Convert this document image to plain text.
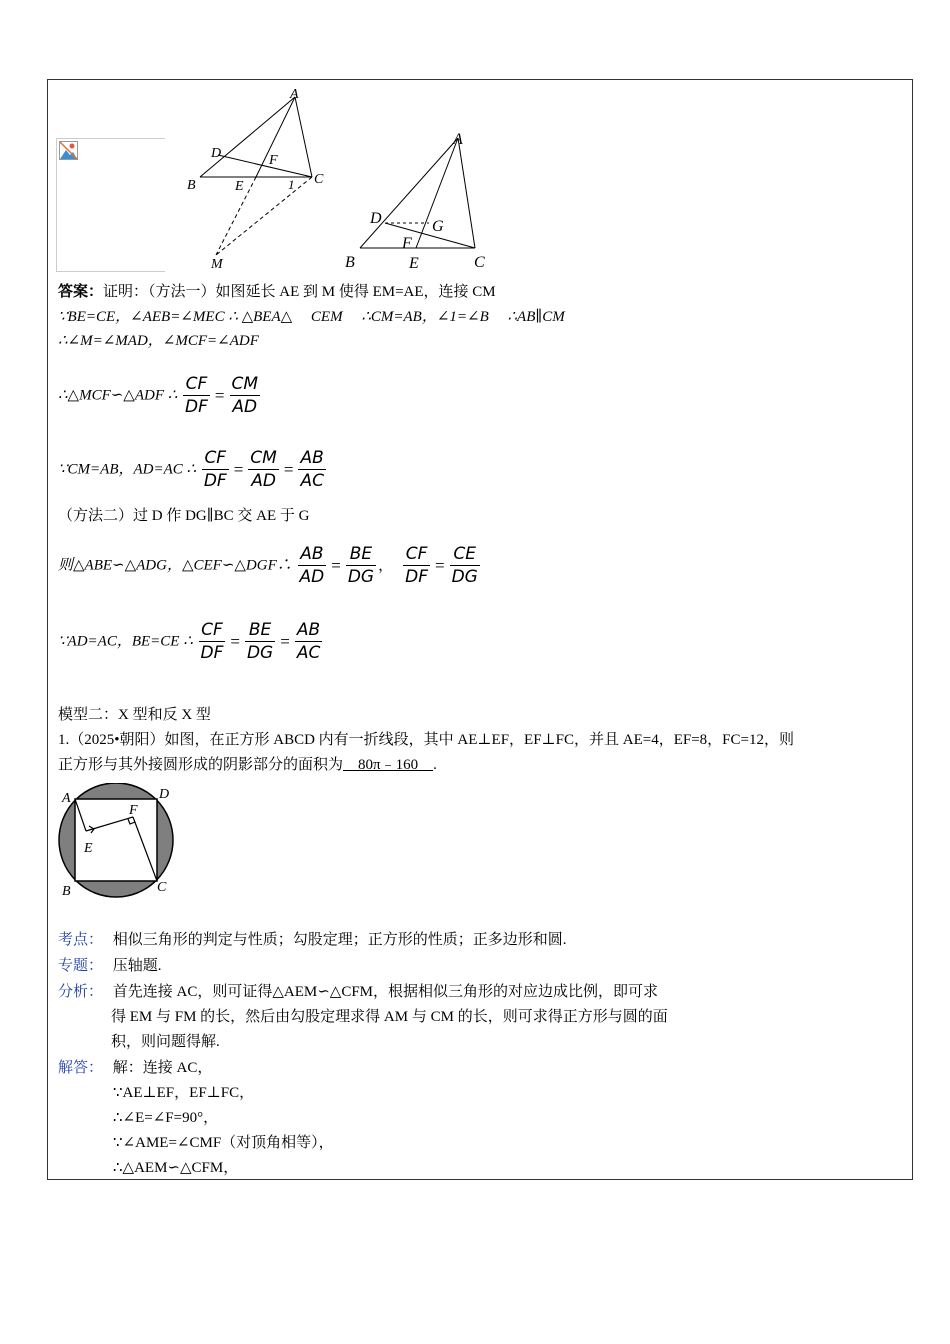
A
D	F
B	E	1 C
M
A
D	G
F
B	E	C
答案：证明：（方法一）如图延长 AE 到 M 使得 EM=AE，连接 CM
∵BE=CE，∠AEB=∠MEC ∴ △BEA△　 CEM　 ∴CM=AB，∠1=∠B　 ∴AB∥CM
∴∠M=∠MAD，∠MCF=∠ADF
∴△MCF∽△ADF ∴ $\frac{CF}{DF} = \frac{CM}{AD}$
∵CM=AB，AD=AC ∴ $\frac{CF}{DF} = \frac{CM}{AD} = \frac{AB}{AC}$
（方法二）过 D 作 DG∥BC 交 AE 于 G
则△ABE∽△ADG，△CEF∽△DGF∴ $\frac{AB}{AD} = \frac{BE}{DG}$ ， $\frac{CF}{DF} = \frac{CE}{DG}$
∵AD=AC，BE=CE ∴ $\frac{CF}{DF} = \frac{BE}{DG} = \frac{AB}{AC}$
模型二：X 型和反 X 型
1.（2025•朝阳）如图，在正方形 ABCD 内有一折线段，其中 AE⊥EF，EF⊥FC，并且 AE=4，EF=8，FC=12，则
正方形与其外接圆形成的阴影部分的面积为　80π﹣160　.
A	D
F
E
B	C
考点： 相似三角形的判定与性质；勾股定理；正方形的性质；正多边形和圆.
专题： 压轴题.
分析： 首先连接 AC，则可证得△AEM∽△CFM，根据相似三角形的对应边成比例，即可求
得 EM 与 FM 的长，然后由勾股定理求得 AM 与 CM 的长，则可求得正方形与圆的面
积，则问题得解.
解答： 解：连接 AC，
∵AE⊥EF，EF⊥FC，
∴∠E=∠F=90°，
∵∠AME=∠CMF（对顶角相等），
∴△AEM∽△CFM，
